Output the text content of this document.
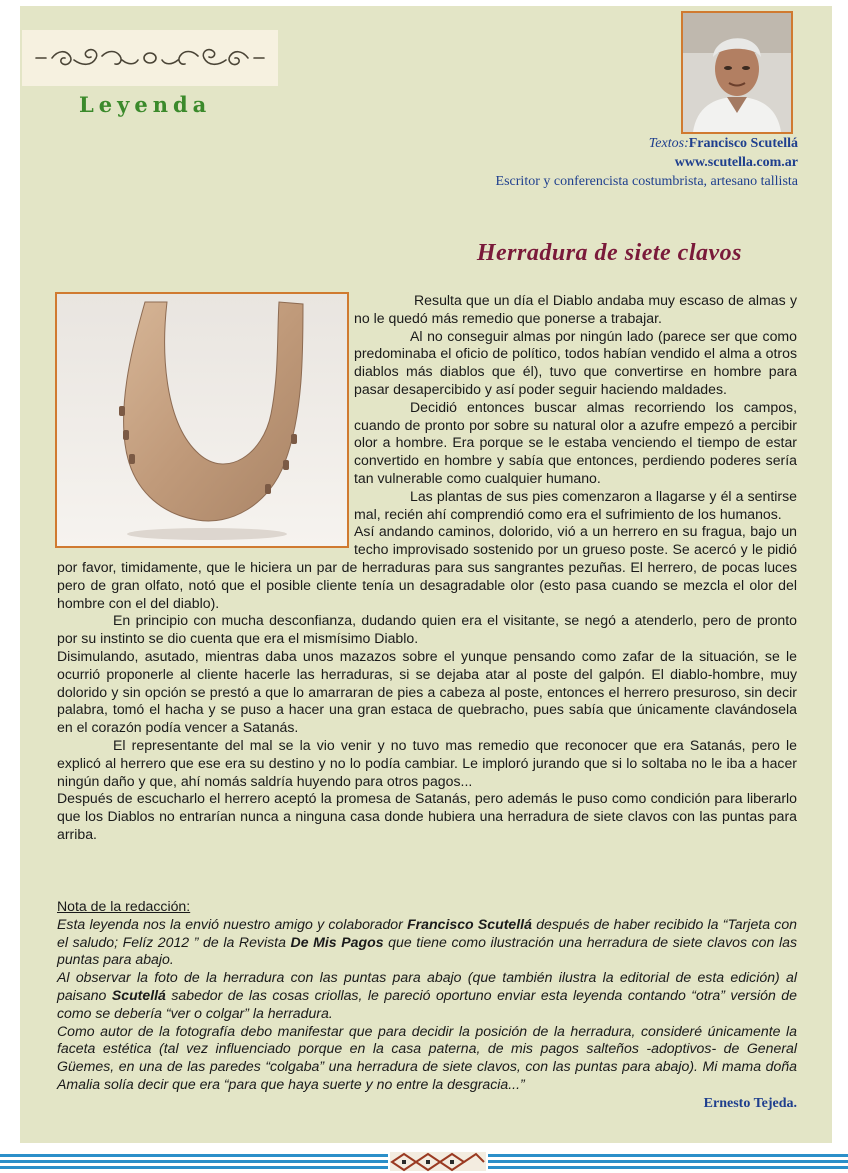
Leyenda
Textos:Francisco Scutellá
www.scutella.com.ar
Escritor y conferencista costumbrista, artesano tallista
Herradura de siete clavos

Resulta que un día el Diablo andaba muy escaso de almas y no le quedó más remedio que ponerse a trabajar.

Al no conseguir almas por ningún lado (parece ser que como predominaba el oficio de político, todos habían vendido el alma a otros diablos más diablos que él), tuvo que convertirse en hombre para pasar desapercibido y así poder seguir haciendo maldades.

Decidió entonces buscar almas recorriendo los campos, cuando de pronto por sobre su natural olor a azufre empezó a percibir olor a hombre. Era porque se le estaba venciendo el tiempo de estar convertido en hombre y sabía que entonces, perdiendo poderes sería tan vulnerable como cualquier humano.

Las plantas de sus pies comenzaron a llagarse y él a sentirse mal, recién ahí comprendió como era el sufrimiento de los humanos.

Así andando caminos, dolorido, vió a un herrero en su fragua, bajo un techo improvisado sostenido por un grueso poste. Se acercó y le pidió por favor, timidamente, que le hiciera un par de herraduras para sus sangrantes pezuñas. El herrero, de pocas luces pero de gran olfato, notó que el posible cliente tenía un desagradable olor (esto pasa cuando se mezcla el olor del hombre con el del diablo).

En principio con mucha desconfianza, dudando quien era el visitante, se negó a atenderlo, pero de pronto por su instinto se dio cuenta que era el mismísimo Diablo.

Disimulando, asutado, mientras daba unos mazazos sobre el yunque pensando como zafar de la situación, se le ocurrió proponerle al cliente hacerle las herraduras, si se dejaba atar al poste del galpón. El diablo-hombre, muy dolorido y sin opción se prestó a que lo amarraran de pies a cabeza al poste, entonces el herrero presuroso, sin decir palabra, tomó el hacha y se puso a hacer una gran estaca de quebracho, pues sabía que únicamente clavándosela en el corazón podía vencer a Satanás.

El representante del mal se la vio venir y no tuvo mas remedio que reconocer que era Satanás, pero le explicó al herrero que ese era su destino y no lo podía cambiar. Le imploró jurando que si lo soltaba no le iba a hacer ningún daño y que, ahí nomás saldría huyendo para otros pagos...

Después de escucharlo el herrero aceptó la promesa de Satanás, pero además le puso como condición para liberarlo que los Diablos no entrarían nunca a ninguna casa donde hubiera una herradura de siete clavos con las puntas para arriba.

Nota de la redacción:

Esta leyenda nos la envió nuestro amigo y colaborador Francisco Scutellá después de haber recibido la “Tarjeta con el saludo; Felíz 2012 ” de la Revista De Mis Pagos que tiene como ilustración una herradura de siete clavos con las puntas para abajo.

Al observar la foto de la herradura con las puntas para abajo (que también ilustra la editorial de esta edición) al paisano Scutellá sabedor de las cosas criollas, le pareció oportuno enviar esta leyenda contando “otra” versión de como se debería “ver o colgar” la herradura.

Como autor de la fotografía debo manifestar que para decidir la posición de la herradura, consideré únicamente la faceta estética (tal vez influenciado porque en la casa paterna, de mis pagos salteños -adoptivos- de General Güemes, en una de las paredes “colgaba” una herradura de siete clavos, con las puntas para abajo). Mi mama doña Amalia solía decir que era “para que haya suerte y no entre la desgracia...”

Ernesto Tejeda.
